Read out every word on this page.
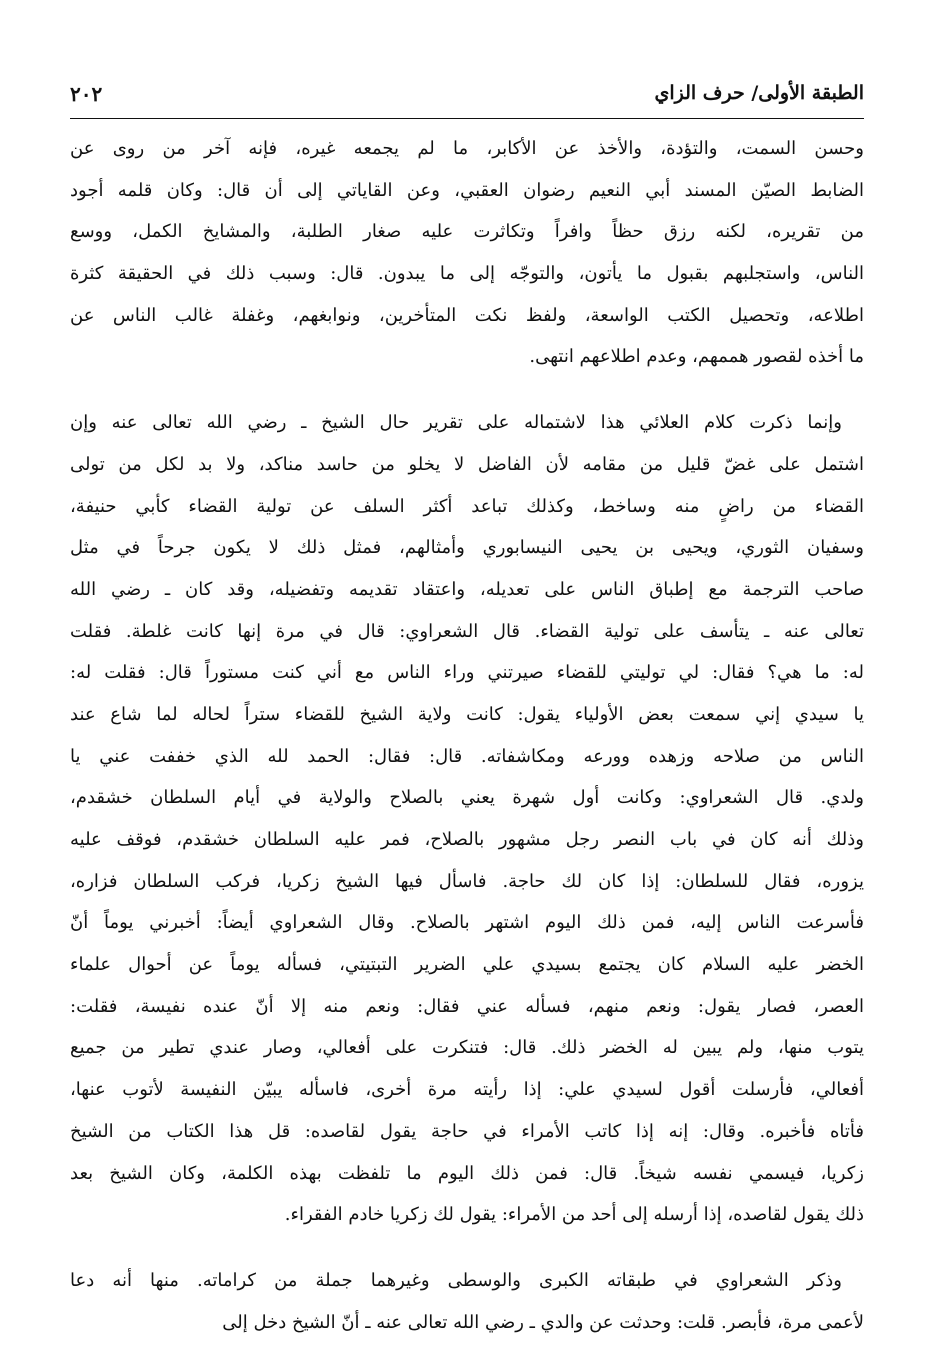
الطبقة الأولى/ حرف الزاي
٢٠٢
وحسن السمت، والتؤدة، والأخذ عن الأكابر، ما لم يجمعه غيره، فإنه آخر من روى عن
الضابط الصيّن المسند أبي النعيم رضوان العقبي، وعن القاياتي إلى أن قال: وكان قلمه أجود
من تقريره، لكنه رزق حظاً وافراً وتكاثرت عليه صغار الطلبة، والمشايخ الكمل، ووسع
الناس، واستجلبهم بقبول ما يأتون، والتوجّه إلى ما يبدون. قال: وسبب ذلك في الحقيقة كثرة
اطلاعه، وتحصيل الكتب الواسعة، ولفظ نكت المتأخرين، ونوابغهم، وغفلة غالب الناس عن
ما أخذه لقصور هممهم، وعدم اطلاعهم انتهى.
وإنما ذكرت كلام العلائي هذا لاشتماله على تقرير حال الشيخ ـ رضي الله تعالى عنه وإن
اشتمل على غضّ قليل من مقامه لأن الفاضل لا يخلو من حاسد مناكد، ولا بد لكل من تولى
القضاء من راضٍ منه وساخط، وكذلك تباعد أكثر السلف عن تولية القضاء كأبي حنيفة،
وسفيان الثوري، ويحيى بن يحيى النيسابوري وأمثالهم، فمثل ذلك لا يكون جرحاً في مثل
صاحب الترجمة مع إطباق الناس على تعديله، واعتقاد تقديمه وتفضيله، وقد كان ـ رضي الله
تعالى عنه ـ يتأسف على تولية القضاء. قال الشعراوي: قال في مرة إنها كانت غلطة. فقلت
له: ما هي؟ فقال: لي توليتي للقضاء صيرتني وراء الناس مع أني كنت مستوراً قال: فقلت له:
يا سيدي إني سمعت بعض الأولياء يقول: كانت ولاية الشيخ للقضاء ستراً لحاله لما شاع عند
الناس من صلاحه وزهده وورعه ومكاشفاته. قال: فقال: الحمد لله الذي خففت عني يا
ولدي. قال الشعراوي: وكانت أول شهرة يعني بالصلاح والولاية في أيام السلطان خشقدم،
وذلك أنه كان في باب النصر رجل مشهور بالصلاح، فمر عليه السلطان خشقدم، فوقف عليه
يزوره، فقال للسلطان: إذا كان لك حاجة. فاسأل فيها الشيخ زكريا، فركب السلطان فزاره،
فأسرعت الناس إليه، فمن ذلك اليوم اشتهر بالصلاح. وقال الشعراوي أيضاً: أخبرني يوماً أنّ
الخضر عليه السلام كان يجتمع بسيدي علي الضرير التبتيتي، فسأله يوماً عن أحوال علماء
العصر، فصار يقول: ونعم منهم، فسأله عني فقال: ونعم منه إلا أنّ عنده نفيسة، فقلت:
يتوب منها، ولم يبين له الخضر ذلك. قال: فتنكرت على أفعالي، وصار عندي تطير من جميع
أفعالي، فأرسلت أقول لسيدي علي: إذا رأيته مرة أخرى، فاسأله يبيّن النفيسة لأتوب عنها،
فأتاه فأخبره. وقال: إنه إذا كاتب الأمراء في حاجة يقول لقاصده: قل هذا الكتاب من الشيخ
زكريا، فيسمي نفسه شيخاً. قال: فمن ذلك اليوم ما تلفظت بهذه الكلمة، وكان الشيخ بعد
ذلك يقول لقاصده، إذا أرسله إلى أحد من الأمراء: يقول لك زكريا خادم الفقراء.
وذكر الشعراوي في طبقاته الكبرى والوسطى وغيرهما جملة من كراماته. منها أنه دعا
لأعمى مرة، فأبصر. قلت: وحدثت عن والدي ـ رضي الله تعالى عنه ـ أنّ الشيخ دخل إلى
